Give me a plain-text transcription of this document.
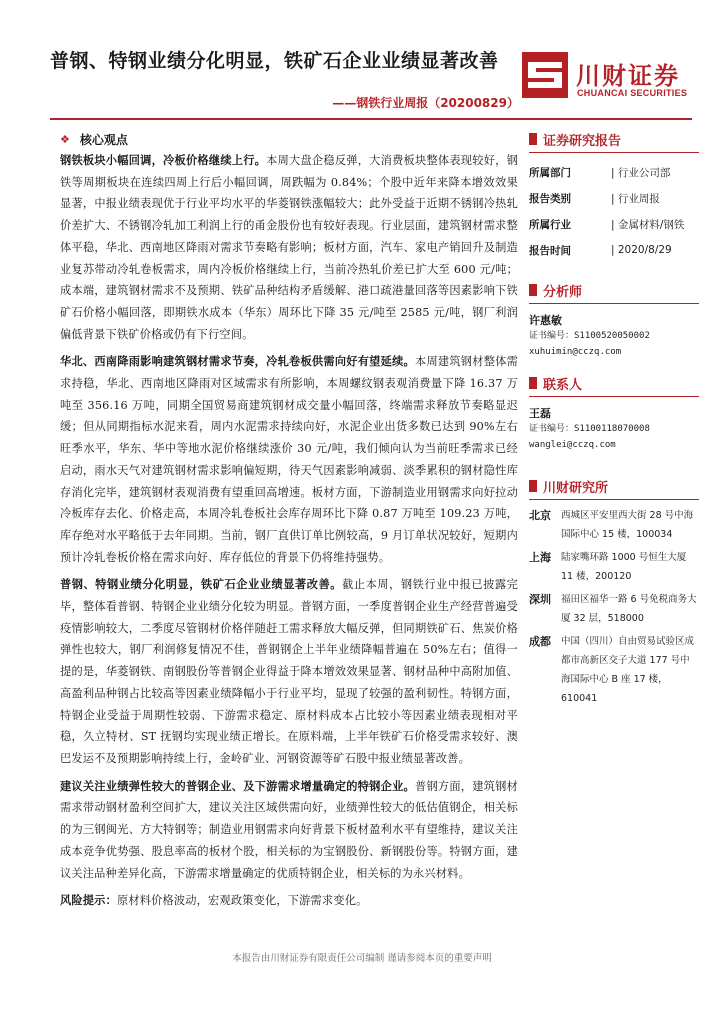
普钢、特钢业绩分化明显，铁矿石企业业绩显著改善
——钢铁行业周报（20200829）
川财证券
CHUANCAI SECURITIES
❖ 核心观点

钢铁板块小幅回调，冷板价格继续上行。本周大盘企稳反弹，大消费板块整体表现较好，钢铁等周期板块在连续四周上行后小幅回调，周跌幅为 0.84%；个股中近年来降本增效效果显著，中报业绩表现优于行业平均水平的华菱钢铁涨幅较大；此外受益于近期不锈钢冷热轧价差扩大、不锈钢冷轧加工利润上行的甬金股份也有较好表现。行业层面，建筑钢材需求整体平稳，华北、西南地区降雨对需求节奏略有影响；板材方面，汽车、家电产销回升及制造业复苏带动冷轧卷板需求，周内冷板价格继续上行，当前冷热轧价差已扩大至 600 元/吨；成本端，建筑钢材需求不及预期、铁矿品种结构矛盾缓解、港口疏港量回落等因素影响下铁矿石价格小幅回落，即期铁水成本（华东）周环比下降 35 元/吨至 2585 元/吨，钢厂利润偏低背景下铁矿价格或仍有下行空间。

华北、西南降雨影响建筑钢材需求节奏，冷轧卷板供需向好有望延续。本周建筑钢材整体需求持稳，华北、西南地区降雨对区域需求有所影响，本周螺纹钢表观消费量下降 16.37 万吨至 356.16 万吨，同期全国贸易商建筑钢材成交量小幅回落，终端需求释放节奏略显迟缓；但从同期指标水泥来看，周内水泥需求持续向好，水泥企业出货多数已达到 90%左右旺季水平，华东、华中等地水泥价格继续涨价 30 元/吨，我们倾向认为当前旺季需求已经启动，雨水天气对建筑钢材需求影响偏短期，待天气因素影响减弱、淡季累积的钢材隐性库存消化完毕，建筑钢材表观消费有望重回高增速。板材方面，下游制造业用钢需求向好拉动冷板库存去化、价格走高，本周冷轧卷板社会库存周环比下降 0.87 万吨至 109.23 万吨，库存绝对水平略低于去年同期。当前，钢厂直供订单比例较高，9 月订单状况较好，短期内预计冷轧卷板价格在需求向好、库存低位的背景下仍将维持强势。

普钢、特钢业绩分化明显，铁矿石企业业绩显著改善。截止本周，钢铁行业中报已披露完毕，整体看普钢、特钢企业业绩分化较为明显。普钢方面，一季度普钢企业生产经营普遍受疫情影响较大，二季度尽管钢材价格伴随赶工需求释放大幅反弹，但同期铁矿石、焦炭价格弹性也较大，钢厂利润修复情况不佳，普钢钢企上半年业绩降幅普遍在 50%左右；值得一提的是，华菱钢铁、南钢股份等普钢企业得益于降本增效效果显著、钢材品种中高附加值、高盈利品种钢占比较高等因素业绩降幅小于行业平均，显现了较强的盈利韧性。特钢方面，特钢企业受益于周期性较弱、下游需求稳定、原材料成本占比较小等因素业绩表现相对平稳，久立特材、ST 抚钢均实现业绩正增长。在原料端，上半年铁矿石价格受需求较好、澳巴发运不及预期影响持续上行，金岭矿业、河钢资源等矿石股中报业绩显著改善。

建议关注业绩弹性较大的普钢企业、及下游需求增量确定的特钢企业。普钢方面，建筑钢材需求带动钢材盈利空间扩大，建议关注区域供需向好，业绩弹性较大的低估值钢企，相关标的为三钢闽光、方大特钢等；制造业用钢需求向好背景下板材盈利水平有望维持，建议关注成本竞争优势强、股息率高的板材个股，相关标的为宝钢股份、新钢股份等。特钢方面，建议关注品种差异化高，下游需求增量确定的优质特钢企业，相关标的为永兴材料。

风险提示：原材料价格波动，宏观政策变化，下游需求变化。

证券研究报告
所属部门	| 行业公司部
报告类别	| 行业周报
所属行业	| 金属材料/钢铁
报告时间	| 2020/8/29
分析师
许惠敏
证书编号：S1100520050002
xuhuimin@cczq.com
联系人
王磊
证书编号：S1100118070008
wanglei@cczq.com
川财研究所
北京	西城区平安里西大街 28 号中海国际中心 15 楼，100034
上海	陆家嘴环路 1000 号恒生大厦 11 楼，200120
深圳	福田区福华一路 6 号免税商务大厦 32 层，518000
成都	中国（四川）自由贸易试验区成都市高新区交子大道 177 号中海国际中心 B 座 17 楼，610041
本报告由川财证券有限责任公司编制 谨请参阅本页的重要声明
